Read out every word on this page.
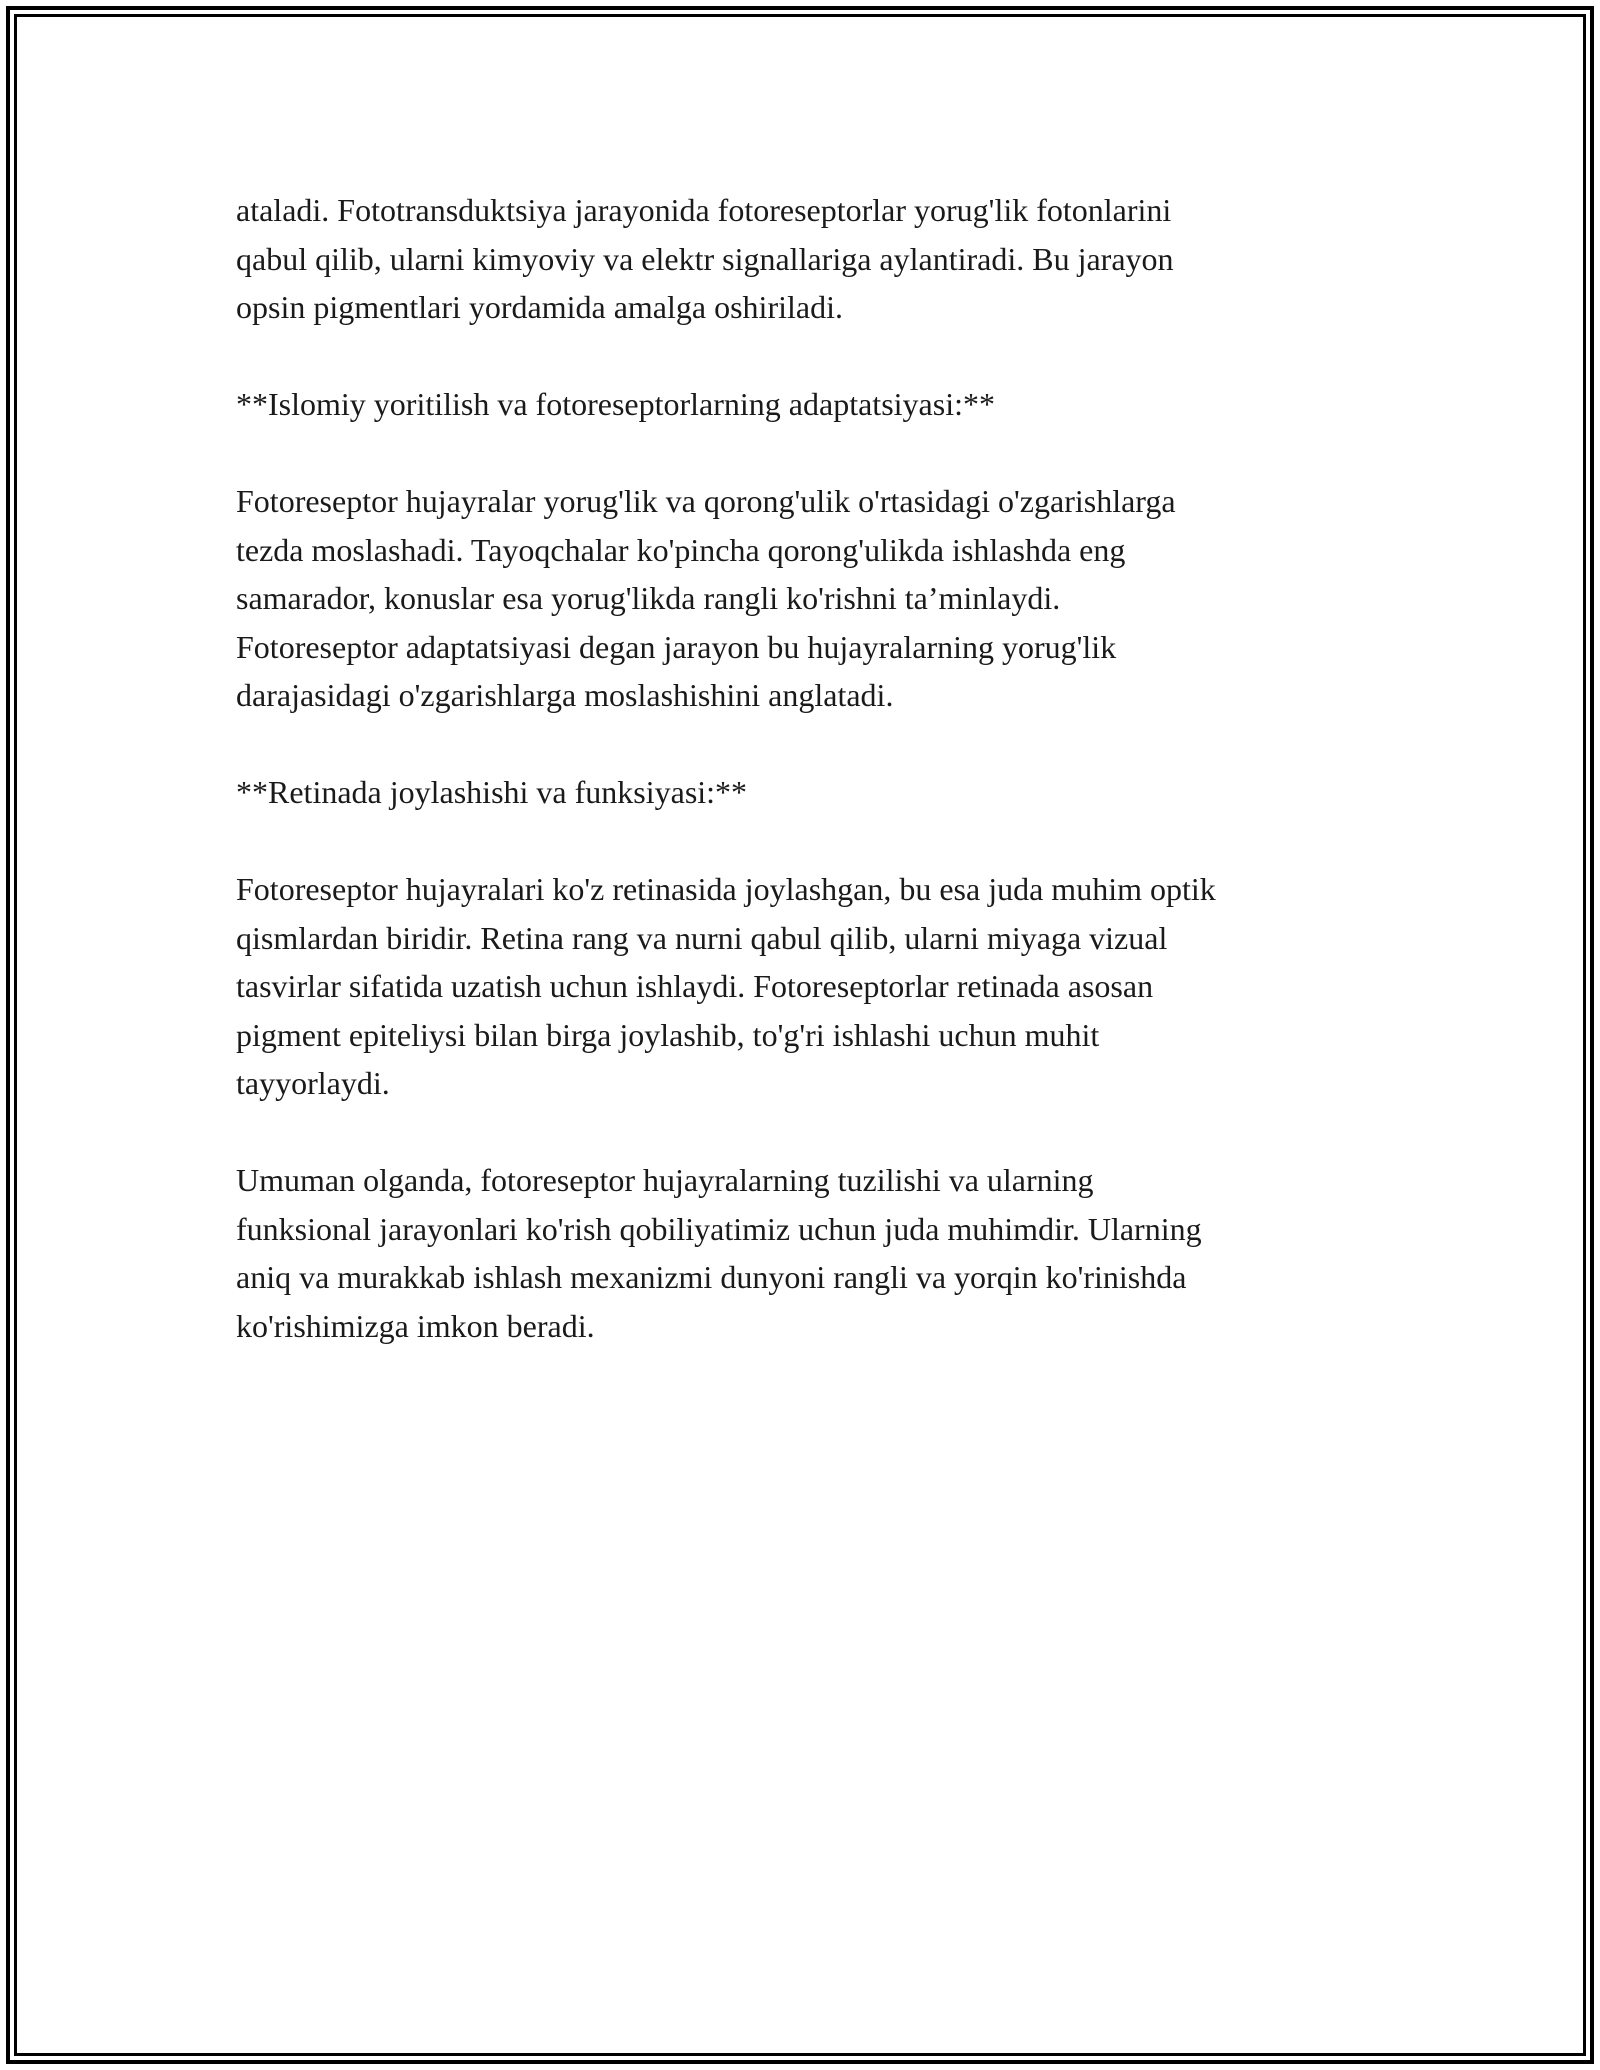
ataladi. Fototransduktsiya jarayonida fotoreseptorlar yorug'lik fotonlarini
qabul qilib, ularni kimyoviy va elektr signallariga aylantiradi. Bu jarayon
opsin pigmentlari yordamida amalga oshiriladi.

**Islomiy yoritilish va fotoreseptorlarning adaptatsiyasi:**

Fotoreseptor hujayralar yorug'lik va qorong'ulik o'rtasidagi o'zgarishlarga
tezda moslashadi. Tayoqchalar ko'pincha qorong'ulikda ishlashda eng
samarador, konuslar esa yorug'likda rangli ko'rishni ta’minlaydi.
Fotoreseptor adaptatsiyasi degan jarayon bu hujayralarning yorug'lik
darajasidagi o'zgarishlarga moslashishini anglatadi.

**Retinada joylashishi va funksiyasi:**

Fotoreseptor hujayralari ko'z retinasida joylashgan, bu esa juda muhim optik
qismlardan biridir. Retina rang va nurni qabul qilib, ularni miyaga vizual
tasvirlar sifatida uzatish uchun ishlaydi. Fotoreseptorlar retinada asosan
pigment epiteliysi bilan birga joylashib, to'g'ri ishlashi uchun muhit
tayyorlaydi.

Umuman olganda, fotoreseptor hujayralarning tuzilishi va ularning
funksional jarayonlari ko'rish qobiliyatimiz uchun juda muhimdir. Ularning
aniq va murakkab ishlash mexanizmi dunyoni rangli va yorqin ko'rinishda
ko'rishimizga imkon beradi.
